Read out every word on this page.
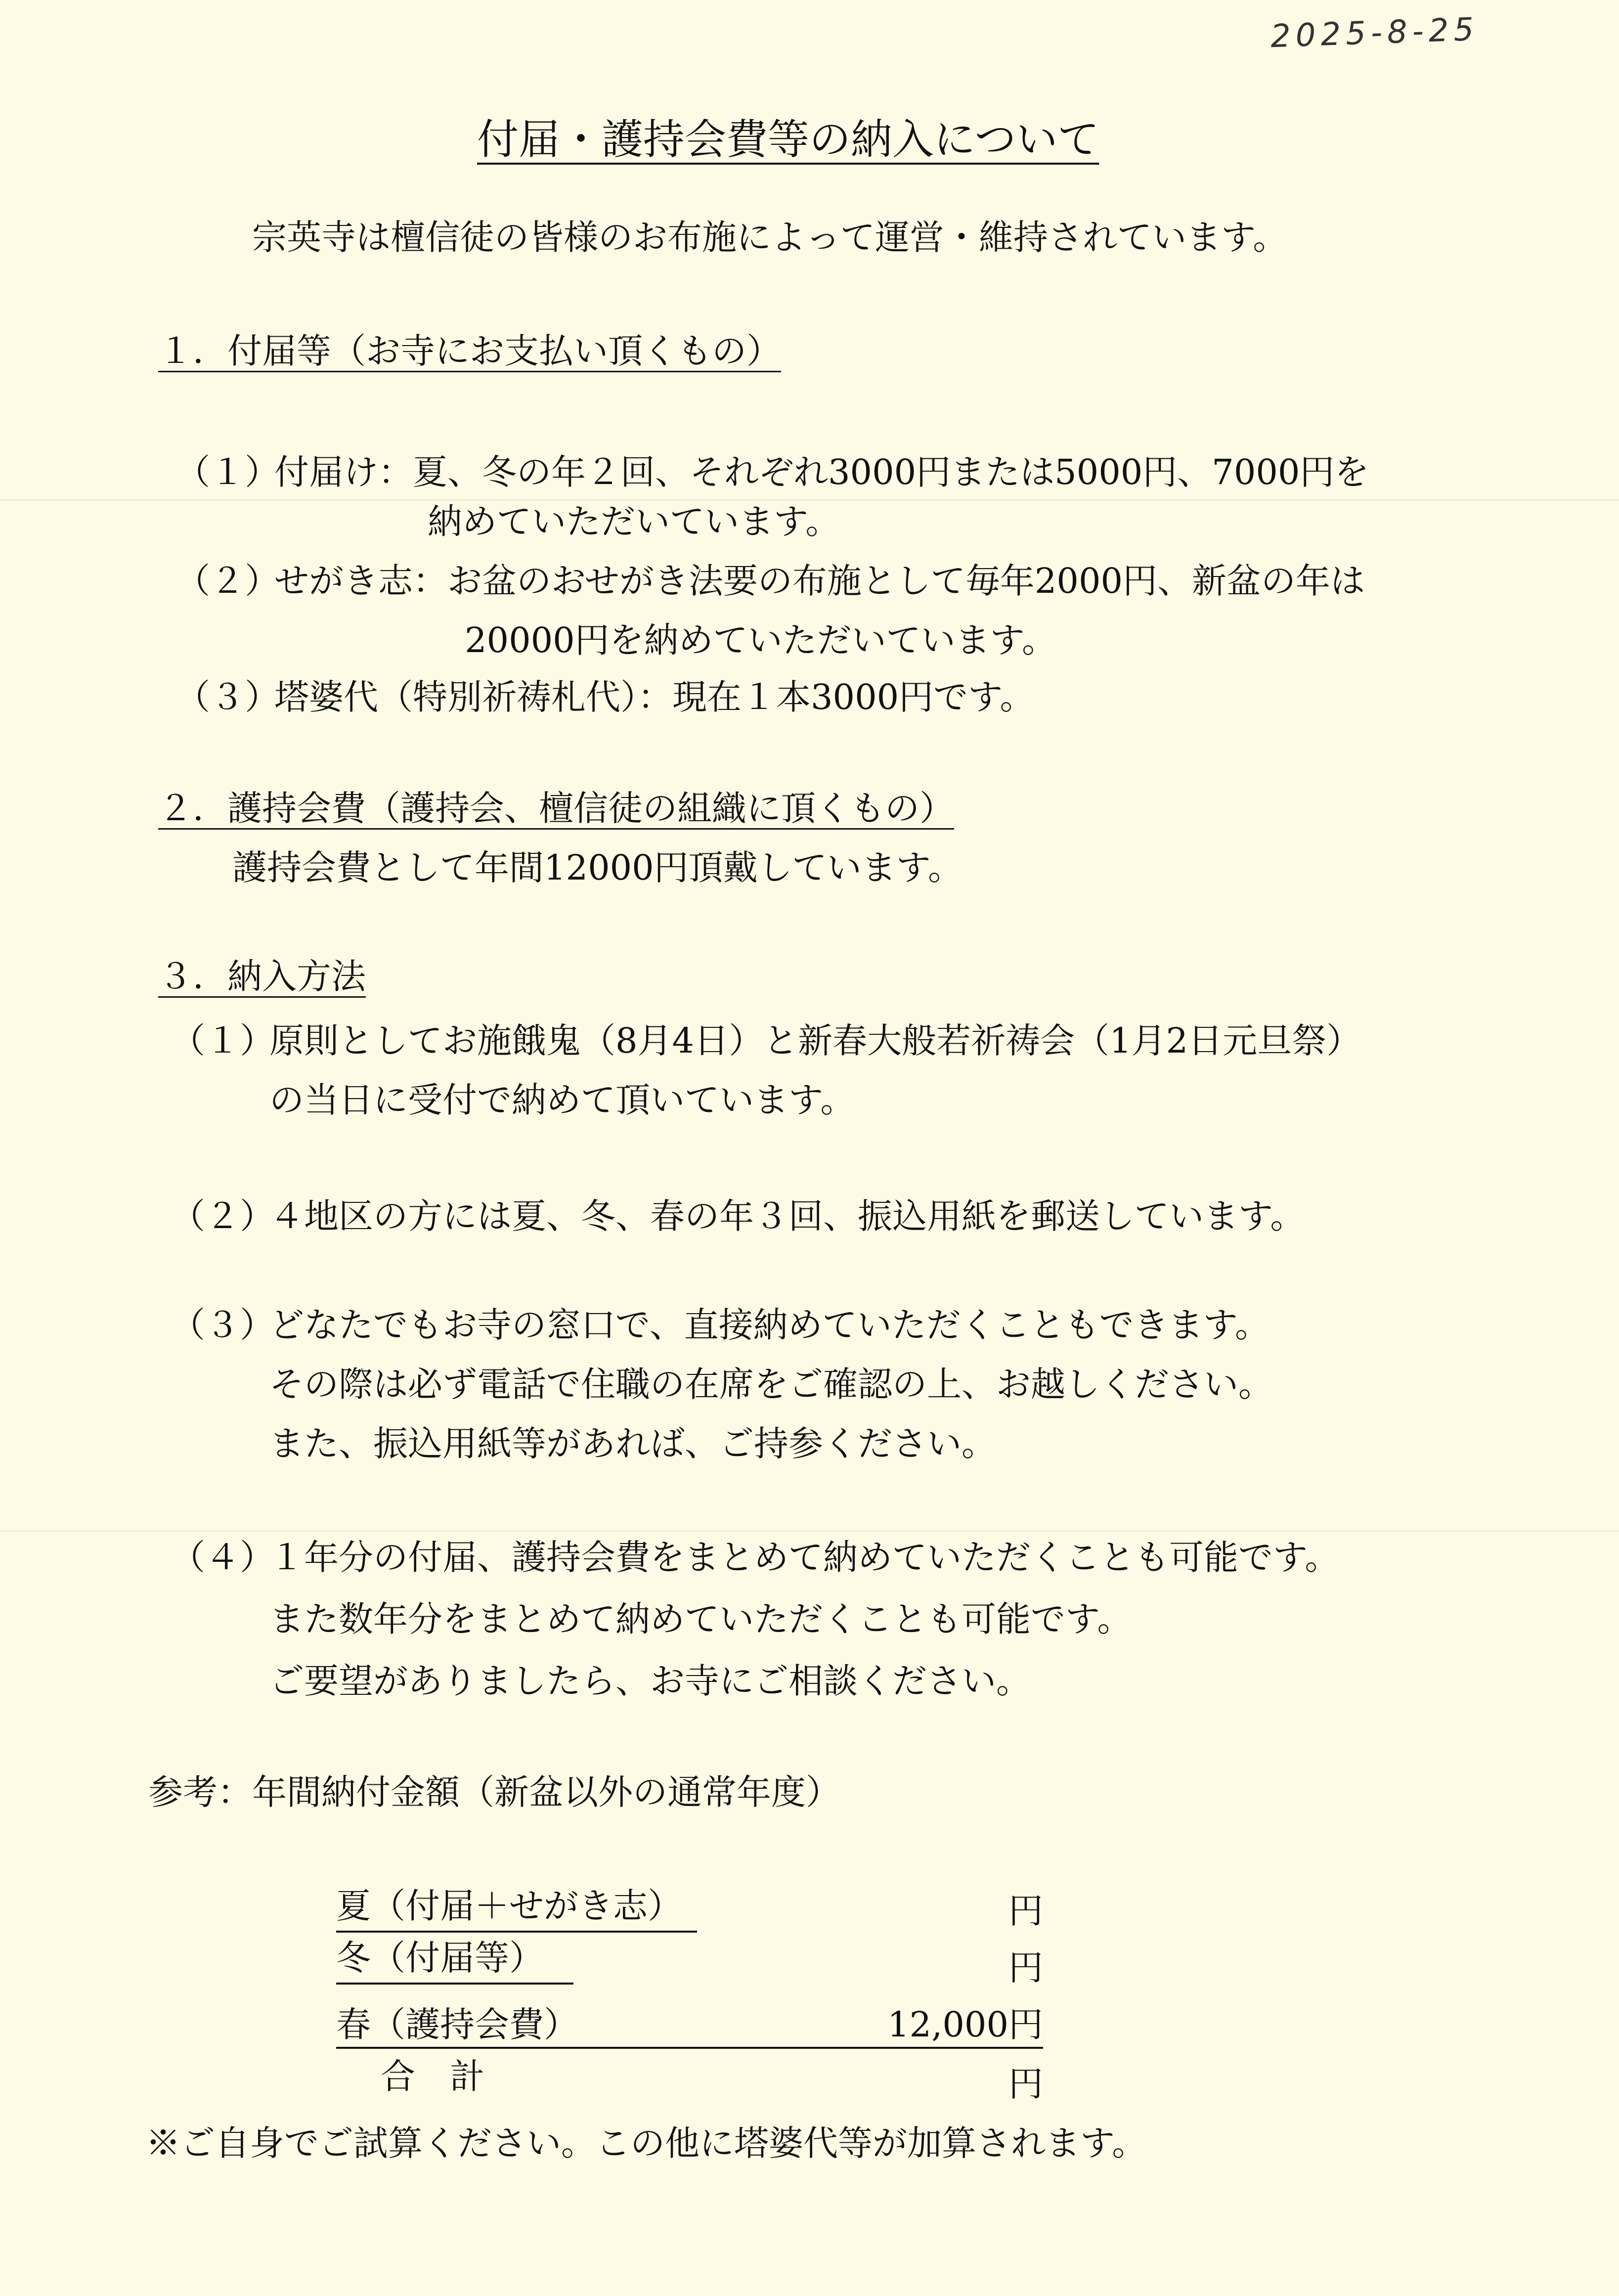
2025-8-25
付届・護持会費等の納入について
宗英寺は檀信徒の皆様のお布施によって運営・維持されています。
１．付届等（お寺にお支払い頂くもの）
（１）
付届け：夏、冬の年２回、それぞれ3000円または5000円、7000円を
納めていただいています。
（２）
せがき志：お盆のおせがき法要の布施として毎年2000円、新盆の年は
20000円を納めていただいています。
（３）
塔婆代（特別祈祷札代）：現在１本3000円です。
２．護持会費（護持会、檀信徒の組織に頂くもの）
護持会費として年間12000円頂戴しています。
３．納入方法
（１）
原則としてお施餓鬼（8月4日）と新春大般若祈祷会（1月2日元旦祭）
の当日に受付で納めて頂いています。
（２）
４地区の方には夏、冬、春の年３回、振込用紙を郵送しています。
（３）
どなたでもお寺の窓口で、直接納めていただくこともできます。
その際は必ず電話で住職の在席をご確認の上、お越しください。
また、振込用紙等があれば、ご持参ください。
（４）
１年分の付届、護持会費をまとめて納めていただくことも可能です。
また数年分をまとめて納めていただくことも可能です。
ご要望がありましたら、お寺にご相談ください。
参考：年間納付金額（新盆以外の通常年度）
夏（付届＋せがき志）	円
冬（付届等）	円
春（護持会費）	12,000円
合　計	円
※ご自身でご試算ください。この他に塔婆代等が加算されます。
